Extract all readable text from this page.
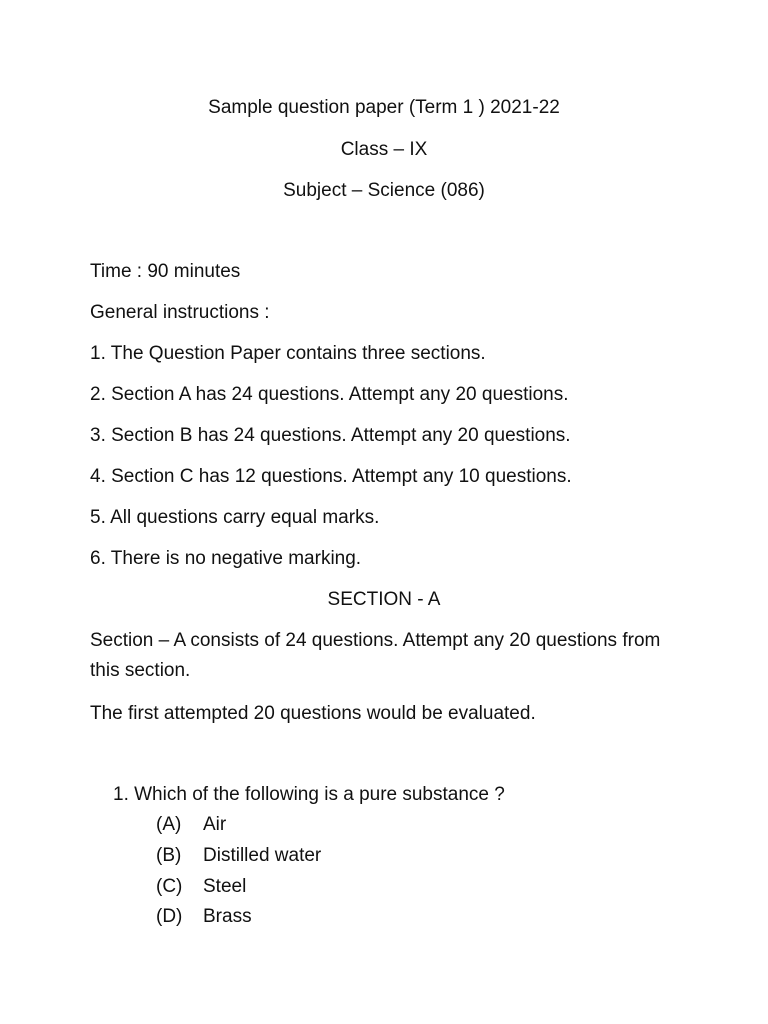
Sample question paper (Term 1 ) 2021-22
Class – IX
Subject – Science (086)
Time : 90 minutes
General instructions :
1. The Question Paper contains three sections.
2. Section A has 24 questions. Attempt any 20 questions.
3. Section B has 24 questions. Attempt any 20 questions.
4. Section C has 12 questions. Attempt any 10 questions.
5. All questions carry equal marks.
6. There is no negative marking.
SECTION - A
Section – A consists of 24 questions. Attempt any 20 questions from this section.
The first attempted 20 questions would be evaluated.
1. Which of the following is a pure substance ?
(A) Air
(B) Distilled water
(C) Steel
(D) Brass
